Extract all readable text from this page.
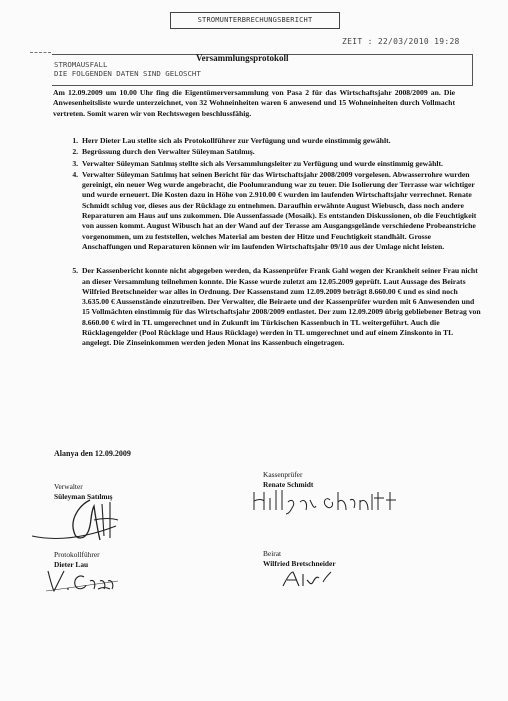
STROMUNTERBRECHUNGSBERICHT
ZEIT : 22/03/2010 19:28
STROMAUSFALL
DIE FOLGENDEN DATEN SIND GELOSCHT
Versammlungsprotokoll
Am 12.09.2009 um 10.00 Uhr fing die Eigentümerversammlung von Pasa 2 für das Wirtschaftsjahr 2008/2009 an. Die Anwesenheitsliste wurde unterzeichnet, von 32 Wohneinheiten waren 6 anwesend und 15 Wohneinheiten durch Vollmacht vertreten. Somit waren wir von Rechtswegen beschlussfähig.
1. Herr Dieter Lau stellte sich als Protokollführer zur Verfügung und wurde einstimmig gewählt.
2. Begrüssung durch den Verwalter Süleyman Satılmış.
3. Verwalter Süleyman Satılmış stellte sich als Versammlungsleiter zu Verfügung und wurde einstimmig gewählt.
4. Verwalter Süleyman Satılmış hat seinen Bericht für das Wirtschaftsjahr 2008/2009 vorgelesen. Abwasserrohre wurden gereinigt, ein neuer Weg wurde angebracht, die Poolumrandung war zu teuer. Die Isolierung der Terrasse war wichtiger und wurde erneuert. Die Kosten dazu in Höhe von 2.910.00 € wurden im laufenden Wirtschaftsjahr verrechnet. Renate Schmidt schlug vor, dieses aus der Rücklage zu entnehmen. Daraufhin erwähnte August Wiebusch, dass noch andere Reparaturen am Haus auf uns zukommen. Die Aussenfassade (Mosaik). Es entstanden Diskussionen, ob die Feuchtigkeit von aussen kommt. August Wibusch hat an der Wand auf der Terasse am Ausgangsgelände verschiedene Probeanstriche vorgenommen, um zu feststellen, welches Material am besten der Hitze und Feuchtigkeit standhält. Grosse Anschaffungen und Reparaturen können wir im laufenden Wirtschaftsjahr 09/10 aus der Umlage nicht leisten.
5. Der Kassenbericht konnte nicht abgegeben werden, da Kassenprüfer Frank Gahl wegen der Krankheit seiner Frau nicht an dieser Versammlung teilnehmen konnte. Die Kasse wurde zuletzt am 12.05.2009 geprüft. Laut Aussage des Beirats Wilfried Bretschneider war alles in Ordnung. Der Kassenstand zum 12.09.2009 beträgt 8.660.00 € und es sind noch 3.635.00 € Aussenstände einzutreiben. Der Verwalter, die Beiraete und der Kassenprüfer wurden mit 6 Anwesenden und 15 Vollmächten einstimmig für das Wirtschaftsjahr 2008/2009 entlastet. Der zum 12.09.2009 übrig gebliebener Betrag von 8.660.00 € wird in TL umgerechnet und in Zukunft im Türkischen Kassenbuch in TL weitergeführt. Auch die Rücklagengelder (Pool Rücklage und Haus Rücklage) werden in TL umgerechnet und auf einem Zinskonto in TL angelegt. Die Zinseinkommen werden jeden Monat ins Kassenbuch eingetragen.
Alanya den 12.09.2009
Verwalter
Süleyman Satılmış
Kassenprüfer
Renate Schmidt
Protokollführer
Dieter Lau
Beirat
Wilfried Bretschneider
